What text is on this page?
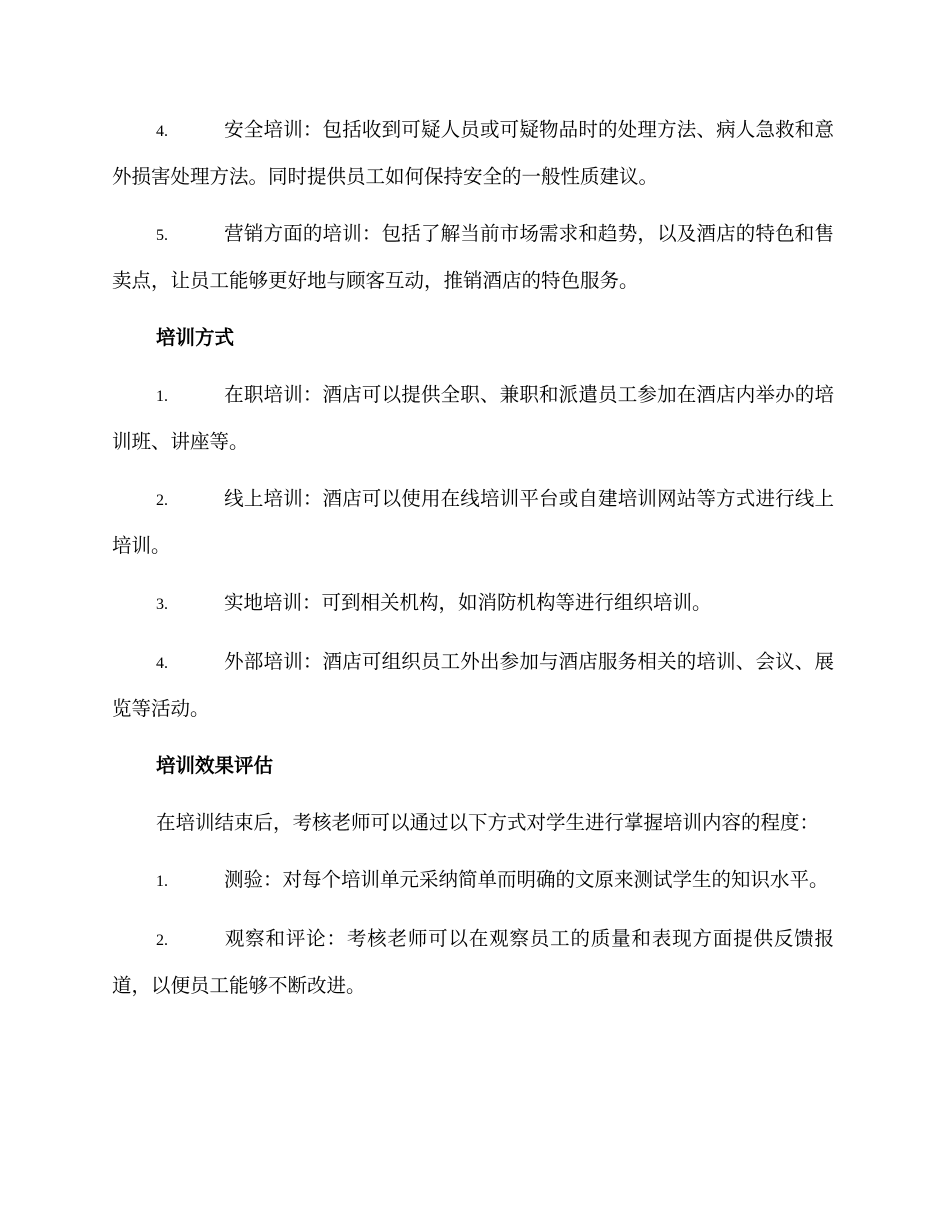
4.	安全培训：包括收到可疑人员或可疑物品时的处理方法、病人急救和意外损害处理方法。同时提供员工如何保持安全的一般性质建议。

5.	营销方面的培训：包括了解当前市场需求和趋势，以及酒店的特色和售卖点，让员工能够更好地与顾客互动，推销酒店的特色服务。

培训方式

1.	在职培训：酒店可以提供全职、兼职和派遣员工参加在酒店内举办的培训班、讲座等。

2.	线上培训：酒店可以使用在线培训平台或自建培训网站等方式进行线上培训。

3.	实地培训：可到相关机构，如消防机构等进行组织培训。

4.	外部培训：酒店可组织员工外出参加与酒店服务相关的培训、会议、展览等活动。

培训效果评估

在培训结束后，考核老师可以通过以下方式对学生进行掌握培训内容的程度：

1.	测验：对每个培训单元采纳简单而明确的文原来测试学生的知识水平。

2.	观察和评论：考核老师可以在观察员工的质量和表现方面提供反馈报道，以便员工能够不断改进。
